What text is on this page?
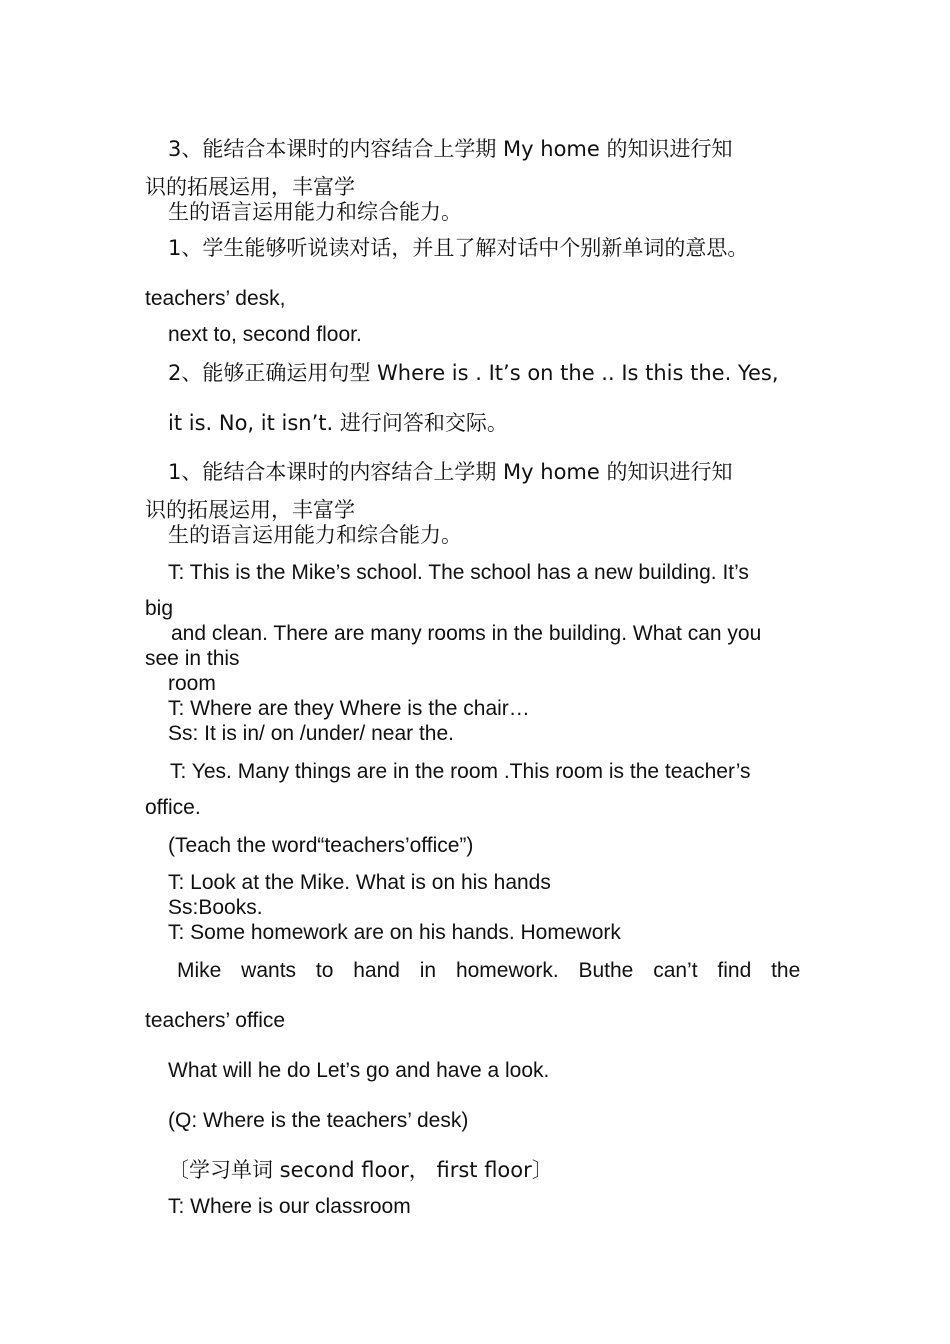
3、能结合本课时的内容结合上学期 My home 的知识进行知

识的拓展运用，丰富学

生的语言运用能力和综合能力。

1、学生能够听说读对话，并且了解对话中个别新单词的意思。

teachers’ desk,

next to, second floor.

2、能够正确运用句型 Where is . It’s on the .. Is this the. Yes,

it is. No, it isn’t. 进行问答和交际。

1、能结合本课时的内容结合上学期 My home 的知识进行知

识的拓展运用，丰富学

生的语言运用能力和综合能力。

T: This is the Mike’s school. The school has a new building. It’s

big

and clean. There are many rooms in the building. What can you

see in this

room

T: Where are they Where is the chair…

Ss: It is in/ on /under/ near the.

T: Yes. Many things are in the room .This room is the teacher’s

office.

(Teach the word“teachers’office”)

T: Look at the Mike. What is on his hands

Ss:Books.

T: Some homework are on his hands. Homework

Mike wants to hand in homework. Buthe can’t find the

teachers’ office

What will he do Let’s go and have a look.

(Q: Where is the teachers’ desk)

〔学习单词 second floor， first floor〕

T: Where is our classroom
